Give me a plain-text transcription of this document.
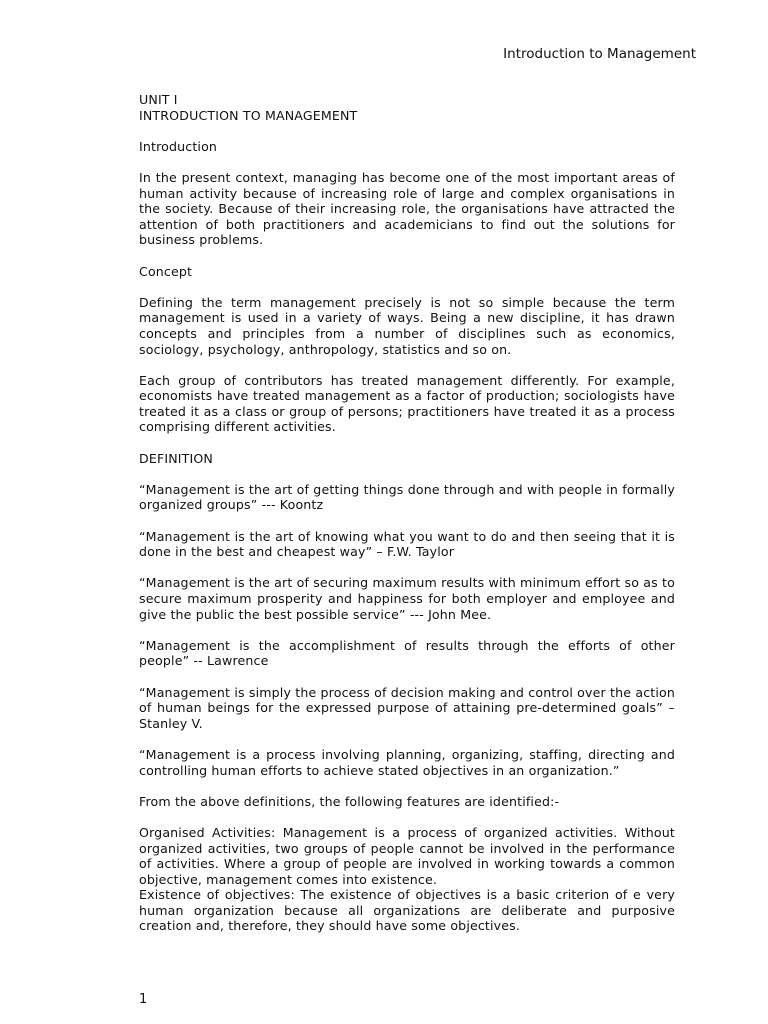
Introduction to Management

UNIT I

INTRODUCTION TO MANAGEMENT

Introduction

In the present context, managing has become one of the most important areas of human activity because of increasing role of large and complex organisations in the society. Because of their increasing role, the organisations have attracted the attention of both practitioners and academicians to find out the solutions for business problems.

Concept

Defining the term management precisely is not so simple because the term management is used in a variety of ways. Being a new discipline, it has drawn concepts and principles from a number of disciplines such as economics, sociology, psychology, anthropology, statistics and so on.

Each group of contributors has treated management differently. For example, economists have treated management as a factor of production; sociologists have treated it as a class or group of persons; practitioners have treated it as a process comprising different activities.

DEFINITION

“Management is the art of getting things done through and with people in formally organized groups” --- Koontz

“Management is the art of knowing what you want to do and then seeing that it is done in the best and cheapest way” – F.W. Taylor

“Management is the art of securing maximum results with minimum effort so as to secure maximum prosperity and happiness for both employer and employee and give the public the best possible service” --- John Mee.

“Management is the accomplishment of results through the efforts of other people” -- Lawrence

“Management is simply the process of decision making and control over the action of human beings for the expressed purpose of attaining pre-determined goals” – Stanley V.

“Management is a process involving planning, organizing, staffing, directing and controlling human efforts to achieve stated objectives in an organization.”

From the above definitions, the following features are identified:-

Organised Activities: Management is a process of organized activities. Without organized activities, two groups of people cannot be involved in the performance of activities. Where a group of people are involved in working towards a common objective, management comes into existence.

Existence of objectives: The existence of objectives is a basic criterion of e very human organization because all organizations are deliberate and purposive creation and, therefore, they should have some objectives.

1
